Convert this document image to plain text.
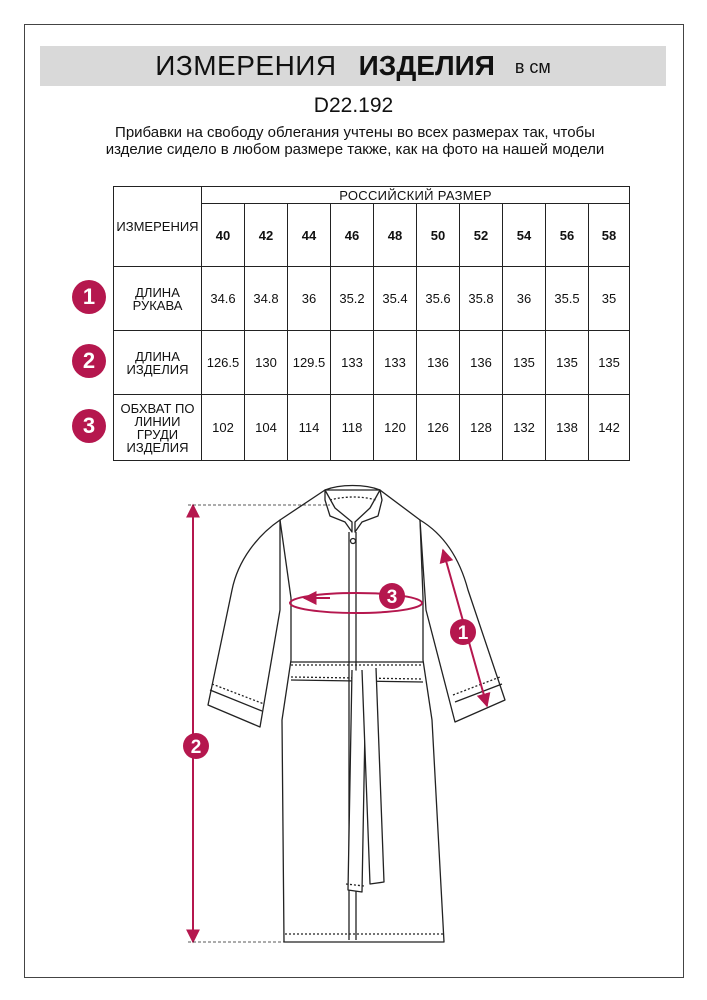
ИЗМЕРЕНИЯ ИЗДЕЛИЯ в см
D22.192
Прибавки на свободу облегания учтены во всех размерах так, чтобы изделие сидело в любом размере также, как на фото на нашей модели
ИЗМЕРЕНИЯ	РОССИЙСКИЙ РАЗМЕР									
	40	42	44	46	48	50	52	54	56	58
ДЛИНА РУКАВА	34.6	34.8	36	35.2	35.4	35.6	35.8	36	35.5	35
ДЛИНА ИЗДЕЛИЯ	126.5	130	129.5	133	133	136	136	135	135	135
ОБХВАТ ПО ЛИНИИ ГРУДИ ИЗДЕЛИЯ	102	104	114	118	120	126	128	132	138	142
1
2
3
1
2
3
